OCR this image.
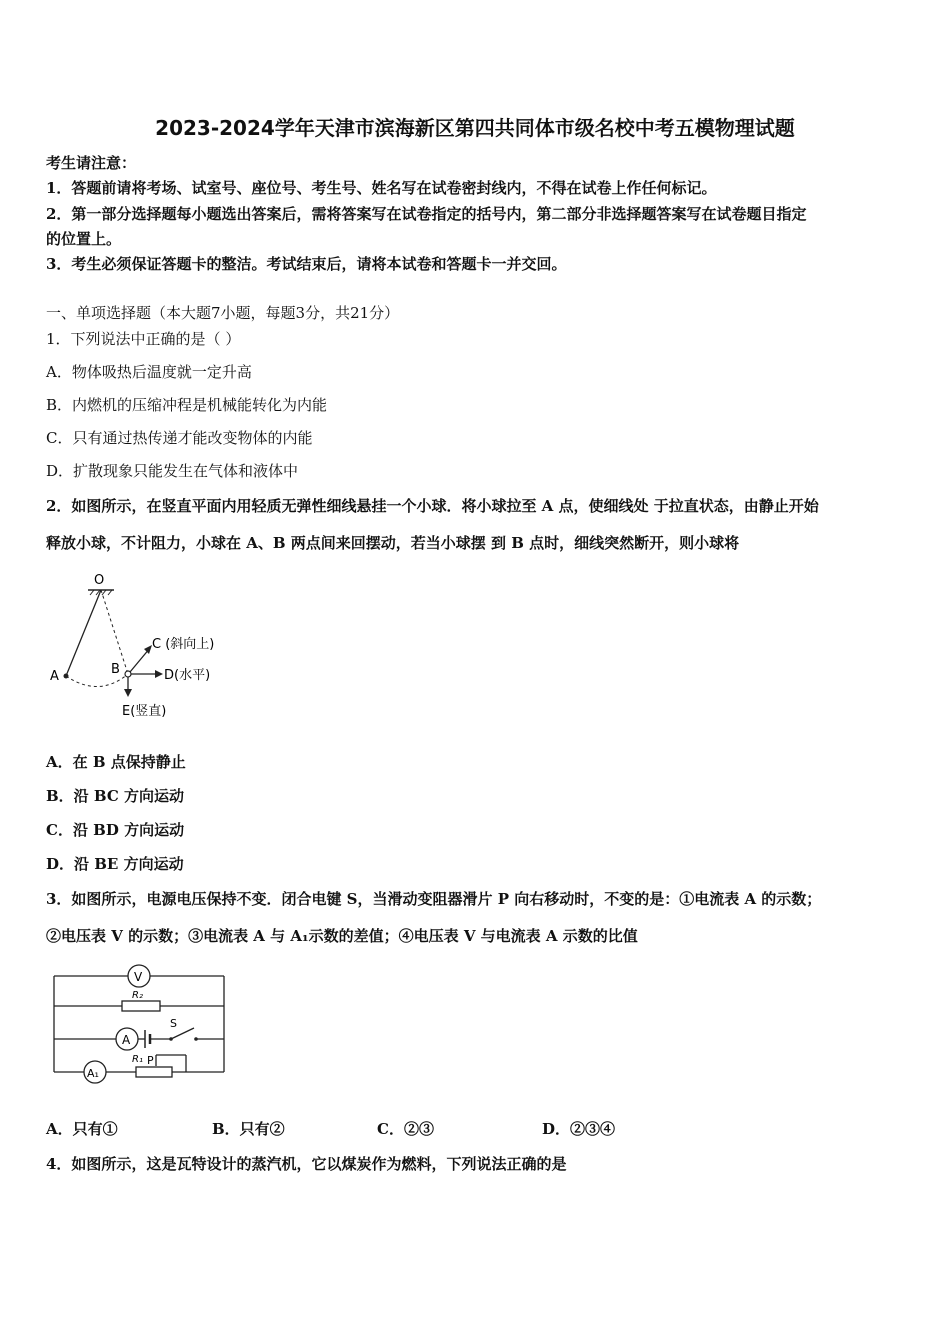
2023-2024学年天津市滨海新区第四共同体市级名校中考五模物理试题
考生请注意：
1．答题前请将考场、试室号、座位号、考生号、姓名写在试卷密封线内，不得在试卷上作任何标记。
2．第一部分选择题每小题选出答案后，需将答案写在试卷指定的括号内，第二部分非选择题答案写在试卷题目指定
的位置上。
3．考生必须保证答题卡的整洁。考试结束后，请将本试卷和答题卡一并交回。
一、单项选择题（本大题7小题，每题3分，共21分）
1．下列说法中正确的是（ ）
A．物体吸热后温度就一定升高
B．内燃机的压缩冲程是机械能转化为内能
C．只有通过热传递才能改变物体的内能
D．扩散现象只能发生在气体和液体中
2．如图所示，在竖直平面内用轻质无弹性细线悬挂一个小球．将小球拉至 A 点，使细线处 于拉直状态，由静止开始
释放小球，不计阻力，小球在 A、B 两点间来回摆动，若当小球摆 到 B 点时，细线突然断开，则小球将
O
A	B
C (斜向上)
D(水平)
E(竖直)
A．在 B 点保持静止
B．沿 BC 方向运动
C．沿 BD 方向运动
D．沿 BE 方向运动
3．如图所示，电源电压保持不变．闭合电键 S，当滑动变阻器滑片 P 向右移动时，不变的是：①电流表 A 的示数；
②电压表 V 的示数；③电流表 A 与 A₁示数的差值；④电压表 V 与电流表 A 示数的比值
V
R₂
A
S
A₁
R₁ P
A．只有①	B．只有②	C．②③	D．②③④
4．如图所示，这是瓦特设计的蒸汽机，它以煤炭作为燃料，下列说法正确的是
